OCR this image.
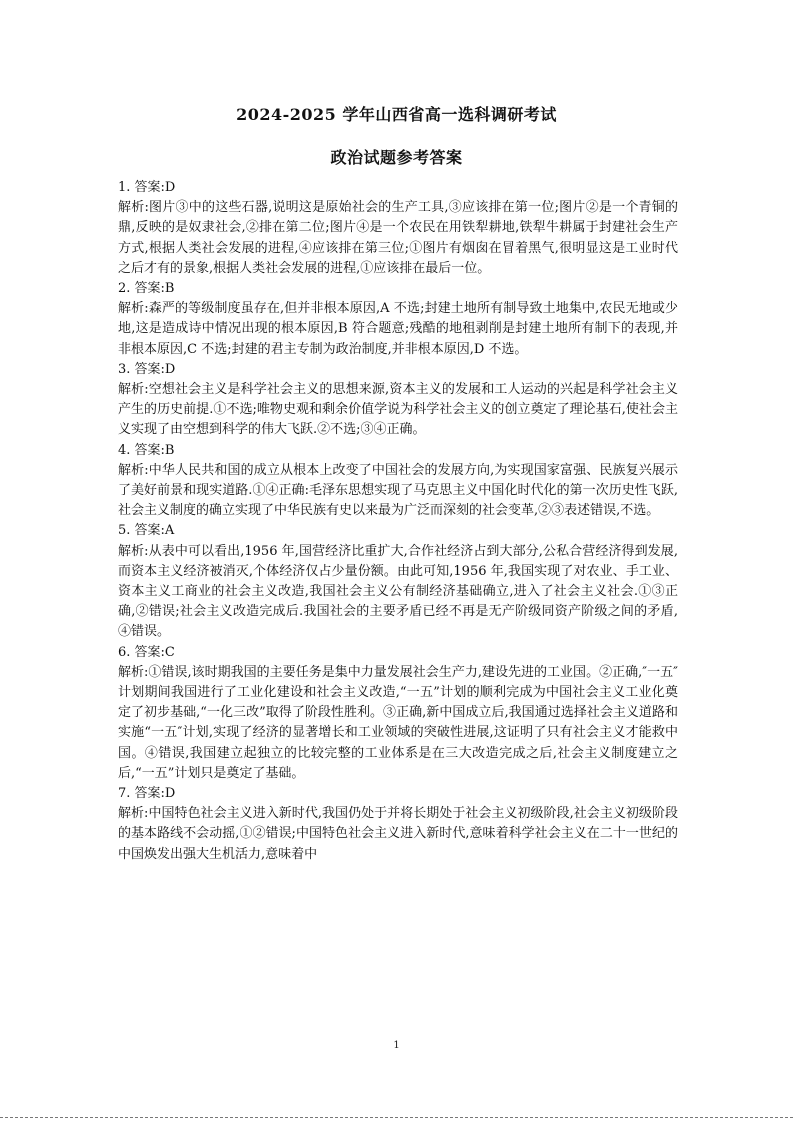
2024-2025 学年山西省高一选科调研考试
政治试题参考答案
1. 答案:D
解析:图片③中的这些石器,说明这是原始社会的生产工具,③应该排在第一位;图片②是一个青铜的鼎,反映的是奴隶社会,②排在第二位;图片④是一个农民在用铁犁耕地,铁犁牛耕属于封建社会生产方式,根据人类社会发展的进程,④应该排在第三位;①图片有烟囱在冒着黑气,很明显这是工业时代之后才有的景象,根据人类社会发展的进程,①应该排在最后一位。
2. 答案:B
解析:森严的等级制度虽存在,但并非根本原因,A 不选;封建土地所有制导致土地集中,农民无地或少地,这是造成诗中情况出现的根本原因,B 符合题意;残酷的地租剥削是封建土地所有制下的表现,并非根本原因,C 不选;封建的君主专制为政治制度,并非根本原因,D 不选。
3. 答案:D
解析:空想社会主义是科学社会主义的思想来源,资本主义的发展和工人运动的兴起是科学社会主义产生的历史前提.①不选;唯物史观和剩余价值学说为科学社会主义的创立奠定了理论基石,使社会主义实现了由空想到科学的伟大飞跃.②不选;③④正确。
4. 答案:B
解析:中华人民共和国的成立从根本上改变了中国社会的发展方向,为实现国家富强、民族复兴展示了美好前景和现实道路.①④正确:毛泽东思想实现了马克思主义中国化时代化的第一次历史性飞跃,社会主义制度的确立实现了中华民族有史以来最为广泛而深刻的社会变革,②③表述错误,不选。
5. 答案:A
解析:从表中可以看出,1956 年,国营经济比重扩大,合作社经济占到大部分,公私合营经济得到发展,而资本主义经济被消灭,个体经济仅占少量份额。由此可知,1956 年,我国实现了对农业、手工业、资本主义工商业的社会主义改造,我国社会主义公有制经济基础确立,进入了社会主义社会.①③正确,②错误;社会主义改造完成后.我国社会的主要矛盾已经不再是无产阶级同资产阶级之间的矛盾,④错误。
6. 答案:C
解析:①错误,该时期我国的主要任务是集中力量发展社会生产力,建设先进的工业国。②正确,″一五″计划期间我国进行了工业化建设和社会主义改造,“一五”计划的顺利完成为中国社会主义工业化奠定了初步基础,“一化三改”取得了阶段性胜利。③正确,新中国成立后,我国通过选择社会主义道路和实施“一五″计划,实现了经济的显著增长和工业领域的突破性进展,这证明了只有社会主义才能救中国。④错误,我国建立起独立的比较完整的工业体系是在三大改造完成之后,社会主义制度建立之后,“一五”计划只是奠定了基础。
7. 答案:D
解析:中国特色社会主义进入新时代,我国仍处于并将长期处于社会主义初级阶段,社会主义初级阶段的基本路线不会动摇,①②错误;中国特色社会主义进入新时代,意味着科学社会主义在二十一世纪的中国焕发出强大生机活力,意味着中
1
